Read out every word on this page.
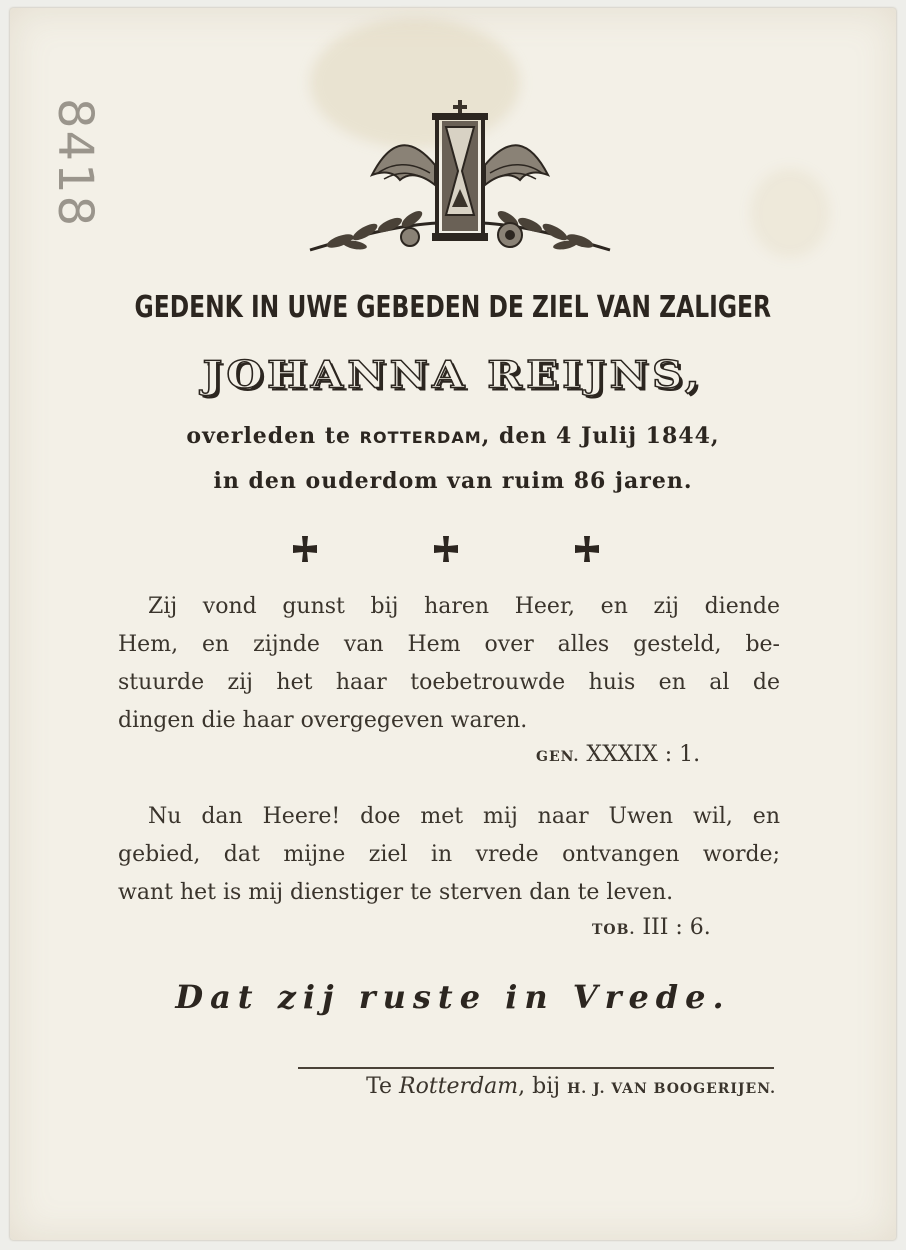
8418
GEDENK IN UWE GEBEDEN DE ZIEL VAN ZALIGER
JOHANNA REIJNS,
overleden te ROTTERDAM, den 4 Julij 1844,
in den ouderdom van ruim 86 jaren.
Zij vond gunst bij haren Heer, en zij diende
Hem, en zijnde van Hem over alles gesteld, be-
stuurde zij het haar toebetrouwde huis en al de
dingen die haar overgegeven waren.
GEN. XXXIX : 1.
Nu dan Heere! doe met mij naar Uwen wil, en
gebied, dat mijne ziel in vrede ontvangen worde;
want het is mij dienstiger te sterven dan te leven.
TOB. III : 6.
Dat zij ruste in Vrede.
Te Rotterdam, bij H. J. VAN BOOGERIJEN.
